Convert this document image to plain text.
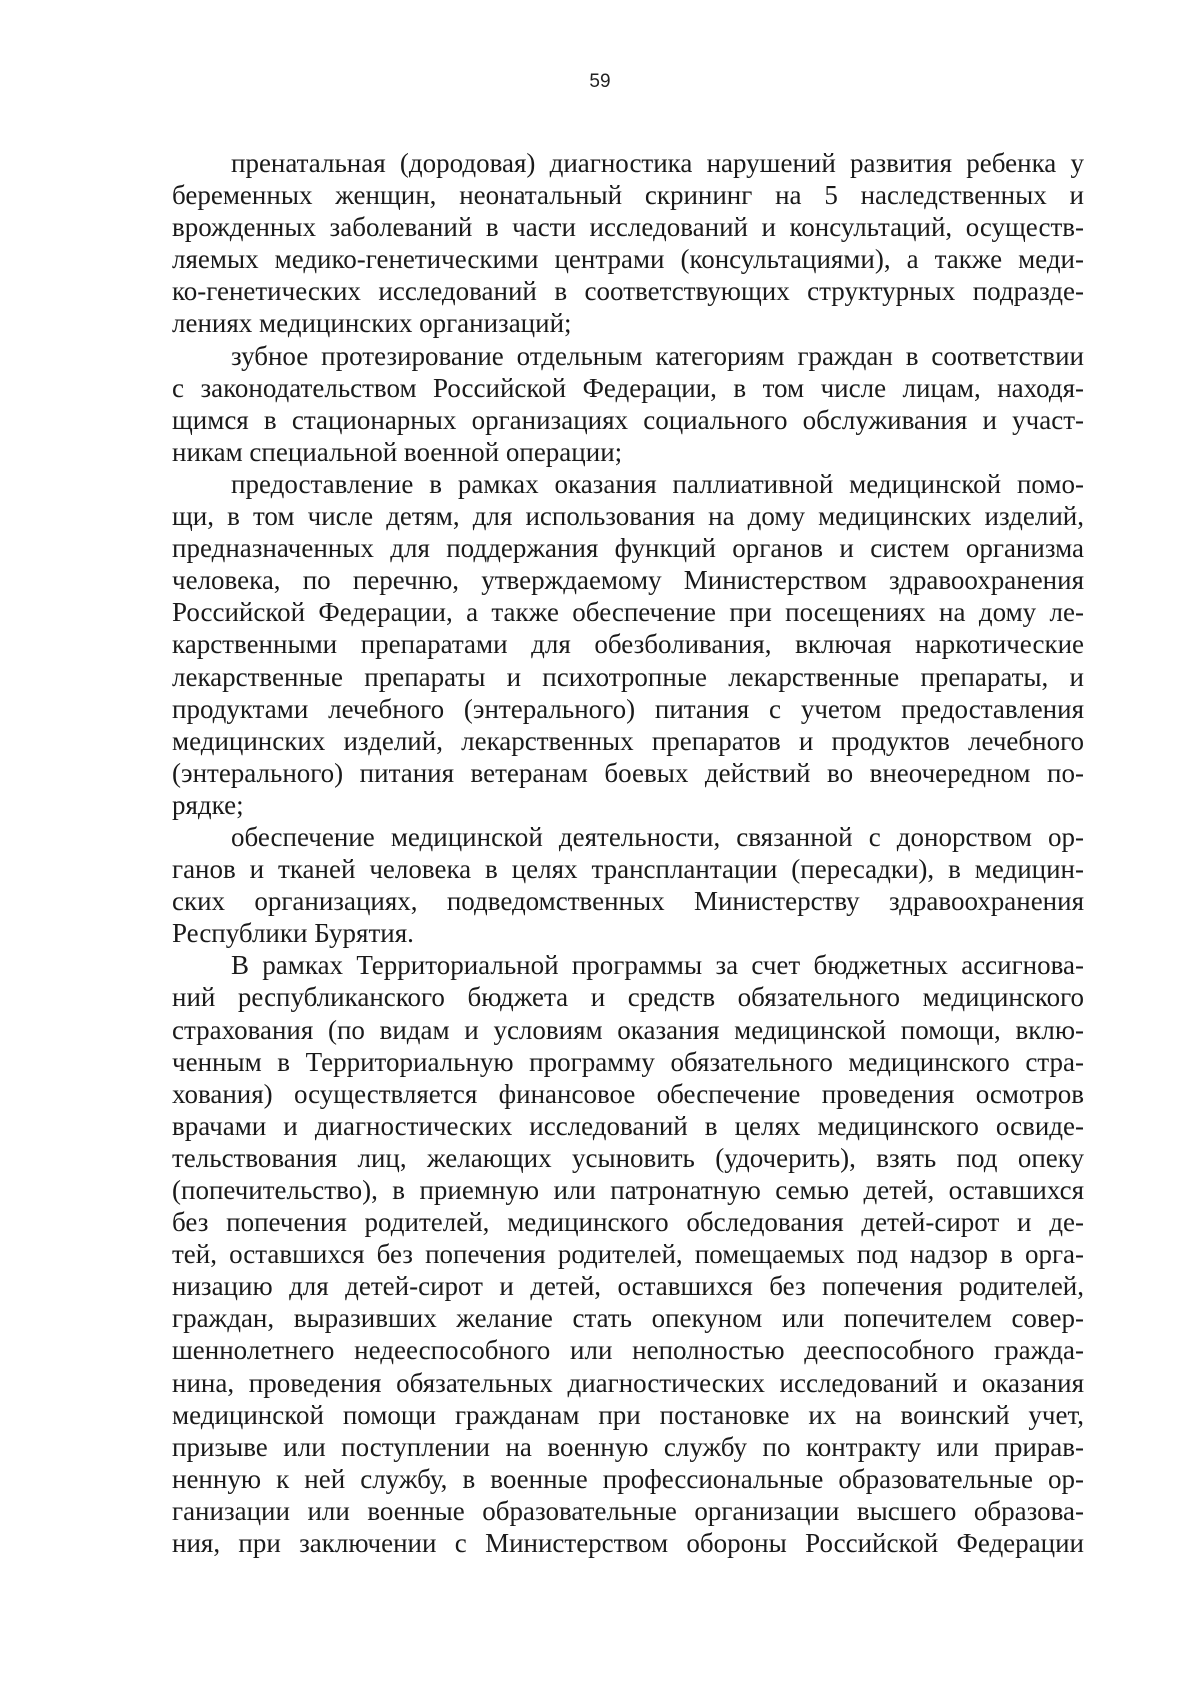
59
пренатальная (дородовая) диагностика нарушений развития ребенка у
беременных женщин, неонатальный скрининг на 5 наследственных и
врожденных заболеваний в части исследований и консультаций, осуществ-
ляемых медико-генетическими центрами (консультациями), а также меди-
ко-генетических исследований в соответствующих структурных подразде-
лениях медицинских организаций;
зубное протезирование отдельным категориям граждан в соответствии
с законодательством Российской Федерации, в том числе лицам, находя-
щимся в стационарных организациях социального обслуживания и участ-
никам специальной военной операции;
предоставление в рамках оказания паллиативной медицинской помо-
щи, в том числе детям, для использования на дому медицинских изделий,
предназначенных для поддержания функций органов и систем организма
человека, по перечню, утверждаемому Министерством здравоохранения
Российской Федерации, а также обеспечение при посещениях на дому ле-
карственными препаратами для обезболивания, включая наркотические
лекарственные препараты и психотропные лекарственные препараты, и
продуктами лечебного (энтерального) питания с учетом предоставления
медицинских изделий, лекарственных препаратов и продуктов лечебного
(энтерального) питания ветеранам боевых действий во внеочередном по-
рядке;
обеспечение медицинской деятельности, связанной с донорством ор-
ганов и тканей человека в целях трансплантации (пересадки), в медицин-
ских организациях, подведомственных Министерству здравоохранения
Республики Бурятия.
В рамках Территориальной программы за счет бюджетных ассигнова-
ний республиканского бюджета и средств обязательного медицинского
страхования (по видам и условиям оказания медицинской помощи, вклю-
ченным в Территориальную программу обязательного медицинского стра-
хования) осуществляется финансовое обеспечение проведения осмотров
врачами и диагностических исследований в целях медицинского освиде-
тельствования лиц, желающих усыновить (удочерить), взять под опеку
(попечительство), в приемную или патронатную семью детей, оставшихся
без попечения родителей, медицинского обследования детей-сирот и де-
тей, оставшихся без попечения родителей, помещаемых под надзор в орга-
низацию для детей-сирот и детей, оставшихся без попечения родителей,
граждан, выразивших желание стать опекуном или попечителем совер-
шеннолетнего недееспособного или неполностью дееспособного гражда-
нина, проведения обязательных диагностических исследований и оказания
медицинской помощи гражданам при постановке их на воинский учет,
призыве или поступлении на военную службу по контракту или прирав-
ненную к ней службу, в военные профессиональные образовательные ор-
ганизации или военные образовательные организации высшего образова-
ния, при заключении с Министерством обороны Российской Федерации
